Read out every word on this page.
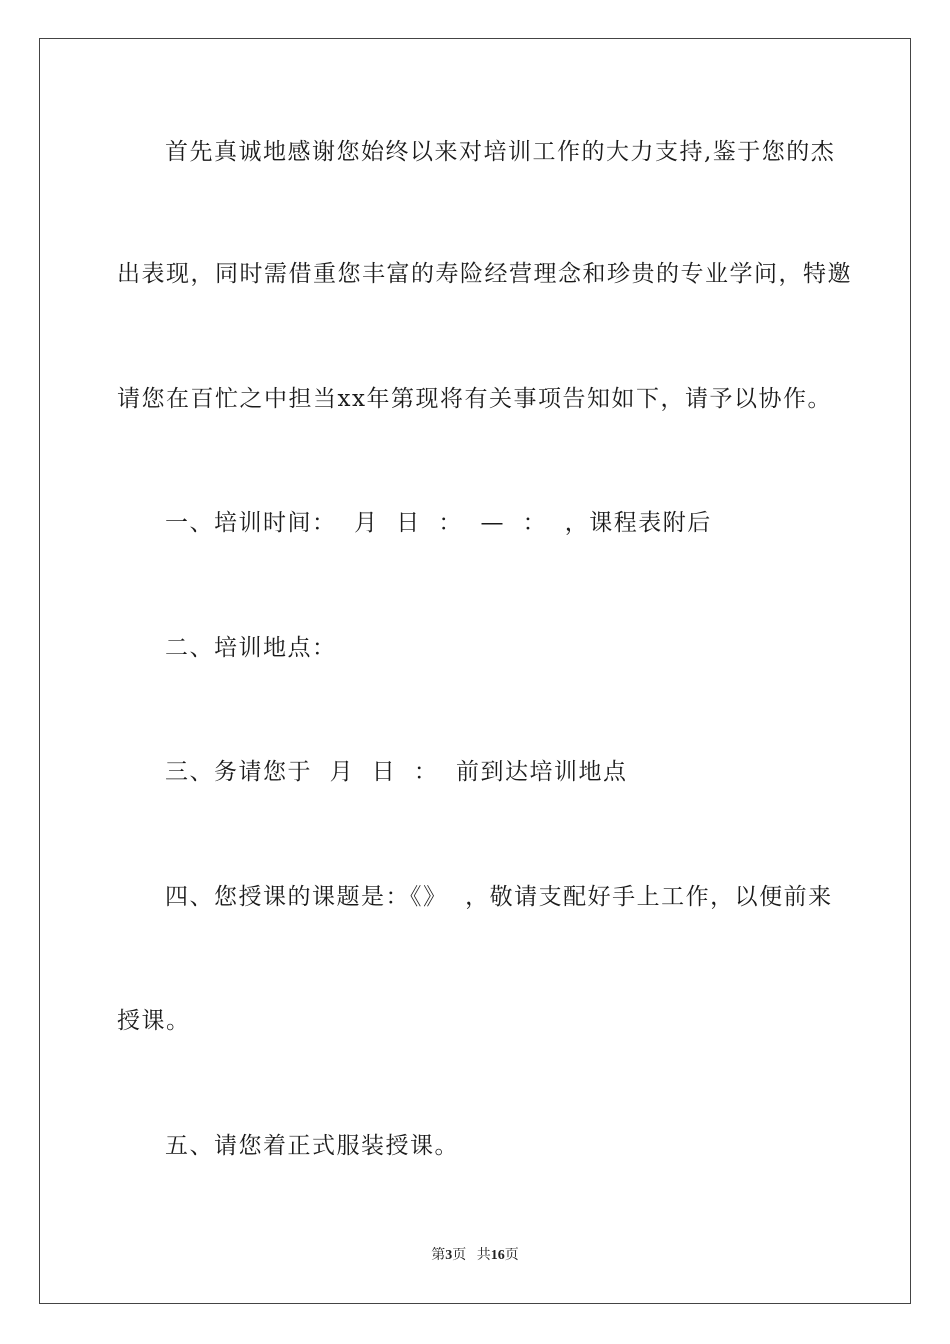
首先真诚地感谢您始终以来对培训工作的大力支持,鉴于您的杰
出表现，同时需借重您丰富的寿险经营理念和珍贵的专业学问，特邀
请您在百忙之中担当xx年第现将有关事项告知如下，请予以协作。
一、培训时间：  月  日  ：  —  ：  ，课程表附后
二、培训地点：
三、务请您于  月  日  ：  前到达培训地点
四、您授课的课题是：《》  ，敬请支配好手上工作，以便前来
授课。
五、请您着正式服装授课。
第3页 共16页
